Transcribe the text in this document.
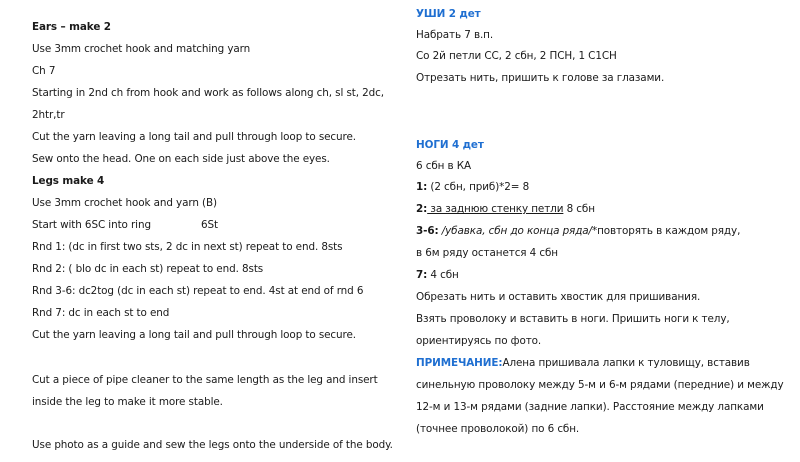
Ears – make 2
Use 3mm crochet hook and matching yarn
Ch 7
Starting in 2nd ch from hook and work as follows along ch, sl st, 2dc,
2htr,tr
Cut the yarn leaving a long tail and pull through loop to secure.
Sew onto the head. One on each side just above the eyes.
Legs make 4
Use 3mm crochet hook and yarn (B)
Start with 6SC into ring	6St
Rnd 1: (dc in first two sts, 2 dc in next st) repeat to end. 8sts
Rnd 2: ( blo dc in each st) repeat to end. 8sts
Rnd 3-6: dc2tog (dc in each st) repeat to end. 4st at end of rnd 6
Rnd 7: dc in each st to end
Cut the yarn leaving a long tail and pull through loop to secure.
Cut a piece of pipe cleaner to the same length as the leg and insert
inside the leg to make it more stable.
Use photo as a guide and sew the legs onto the underside of the body.
УШИ 2 дет
Набрать 7 в.п.
Со 2й петли СС, 2 сбн, 2 ПСН, 1 С1СН
Отрезать нить, пришить к голове за глазами.
НОГИ 4 дет
6 сбн в КА
1: (2 сбн, приб)*2= 8
2: за заднюю стенку петли 8 сбн
3-6: /убавка, сбн до конца ряда/*повторять в каждом ряду,
в 6м ряду останется 4 сбн
7: 4 сбн
Обрезать нить и оставить хвостик для пришивания.
Взять проволоку и вставить в ноги. Пришить ноги к телу,
ориентируясь по фото.
ПРИМЕЧАНИЕ:Алена пришивала лапки к туловищу, вставив
синельную проволоку между 5-м и 6-м рядами (передние) и между
12-м и 13-м рядами (задние лапки). Расстояние между лапками
(точнее проволокой) по 6 сбн.
